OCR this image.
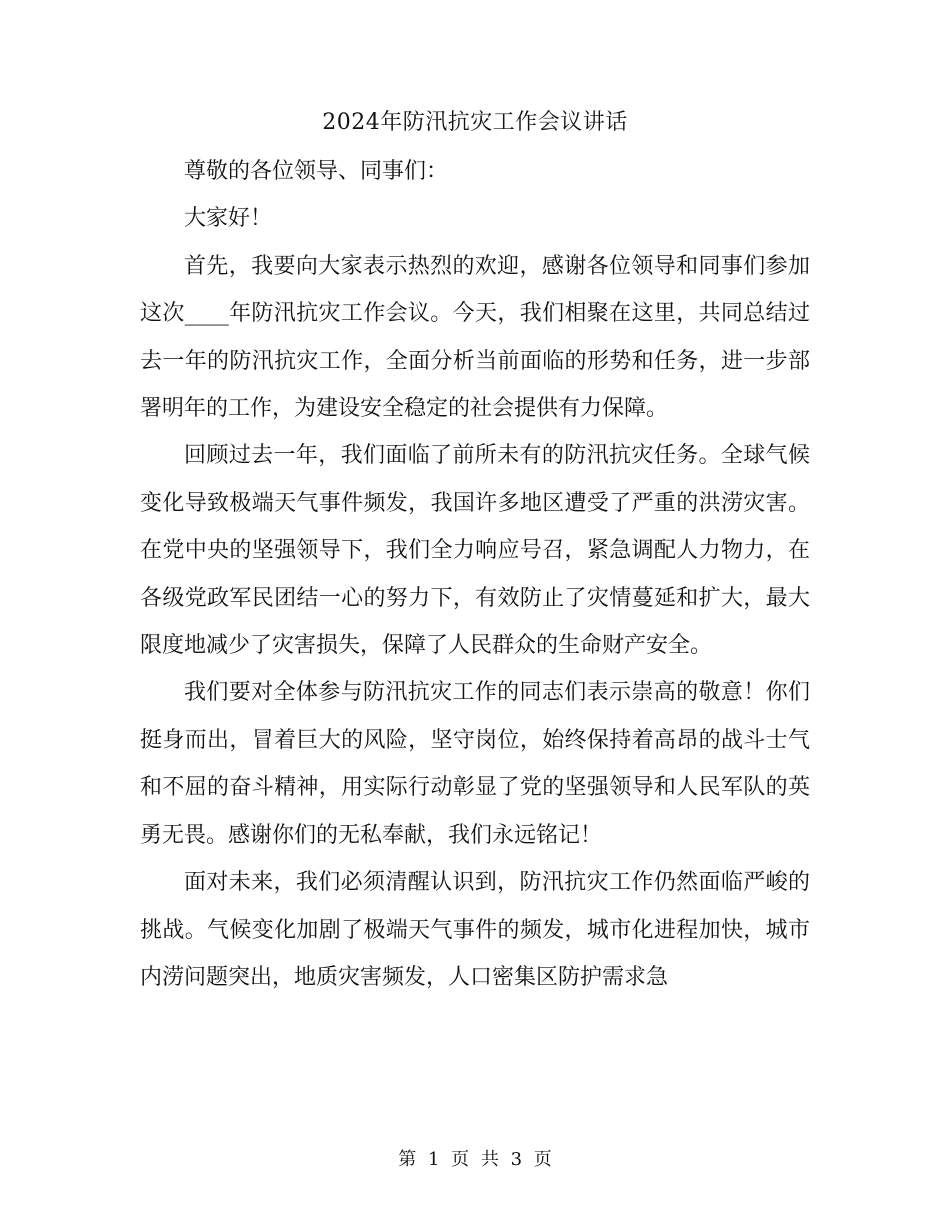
2024年防汛抗灾工作会议讲话

尊敬的各位领导、同事们：

大家好！

首先，我要向大家表示热烈的欢迎，感谢各位领导和同事们参加这次____年防汛抗灾工作会议。今天，我们相聚在这里，共同总结过去一年的防汛抗灾工作，全面分析当前面临的形势和任务，进一步部署明年的工作，为建设安全稳定的社会提供有力保障。

回顾过去一年，我们面临了前所未有的防汛抗灾任务。全球气候变化导致极端天气事件频发，我国许多地区遭受了严重的洪涝灾害。在党中央的坚强领导下，我们全力响应号召，紧急调配人力物力，在各级党政军民团结一心的努力下，有效防止了灾情蔓延和扩大，最大限度地减少了灾害损失，保障了人民群众的生命财产安全。

我们要对全体参与防汛抗灾工作的同志们表示崇高的敬意！你们挺身而出，冒着巨大的风险，坚守岗位，始终保持着高昂的战斗士气和不屈的奋斗精神，用实际行动彰显了党的坚强领导和人民军队的英勇无畏。感谢你们的无私奉献，我们永远铭记！

面对未来，我们必须清醒认识到，防汛抗灾工作仍然面临严峻的挑战。气候变化加剧了极端天气事件的频发，城市化进程加快，城市内涝问题突出，地质灾害频发，人口密集区防护需求急

第 1 页 共 3 页
